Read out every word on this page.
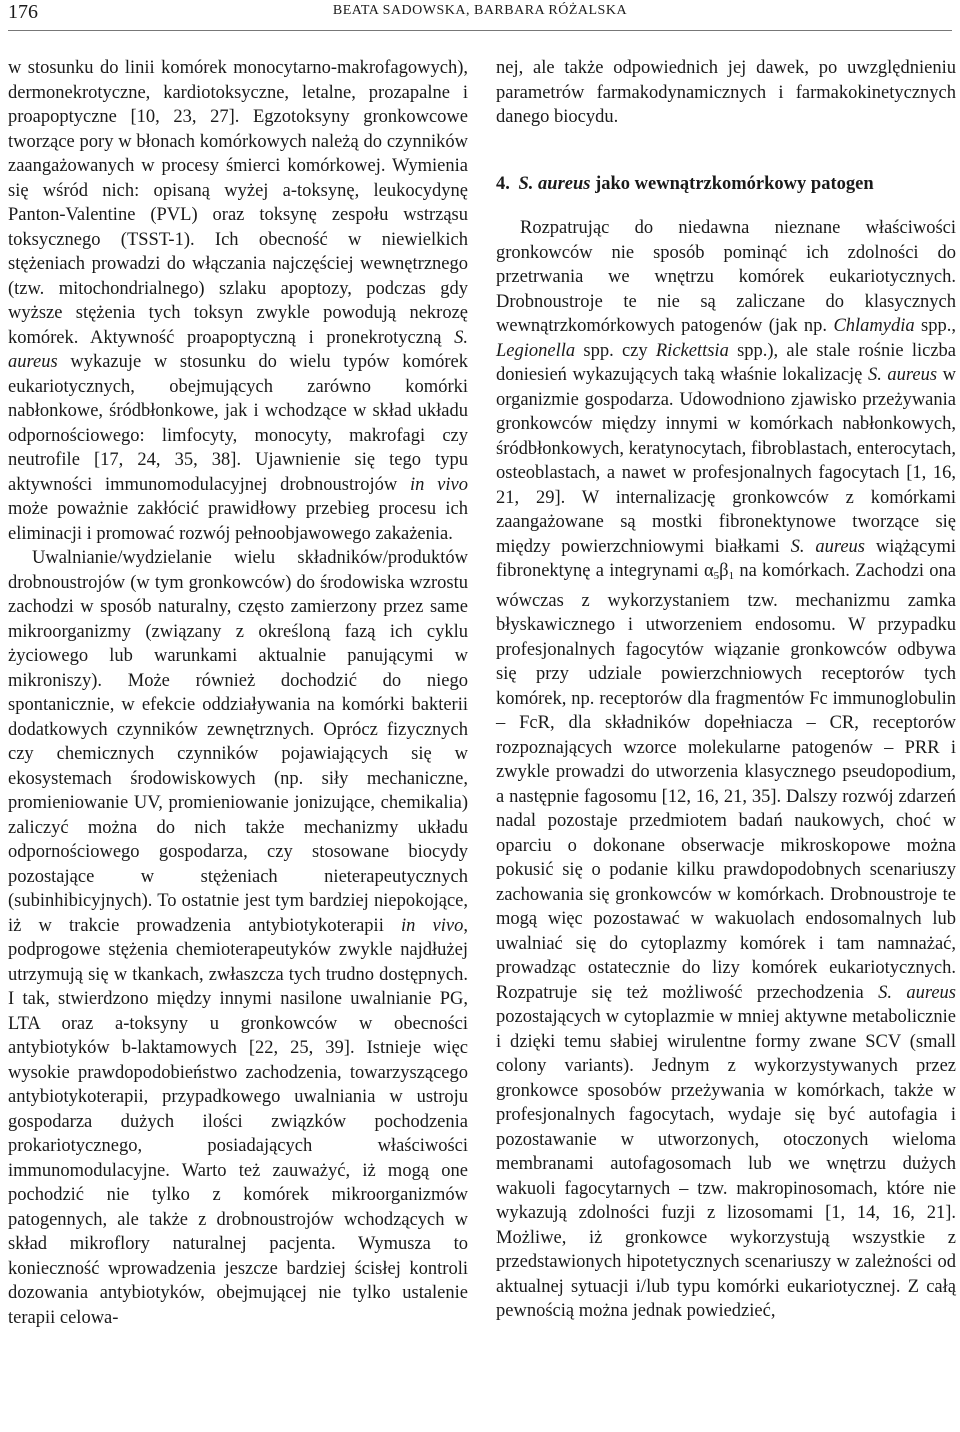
176	BEATA SADOWSKA, BARBARA RÓŻALSKA

w stosunku do linii komórek monocytarno-makrofagowych), dermonekrotyczne, kardiotoksyczne, letalne, prozapalne i proapoptyczne [10, 23, 27]. Egzotoksyny gronkowcowe tworzące pory w błonach komórkowych należą do czynników zaangażowanych w procesy śmierci komórkowej. Wymienia się wśród nich: opisaną wyżej a-toksynę, leukocydynę Panton-Valentine (PVL) oraz toksynę zespołu wstrząsu toksycznego (TSST-1). Ich obecność w niewielkich stężeniach prowadzi do włączania najczęściej wewnętrznego (tzw. mitochondrialnego) szlaku apoptozy, podczas gdy wyższe stężenia tych toksyn zwykle powodują nekrozę komórek. Aktywność proapoptyczną i pronekrotyczną S. aureus wykazuje w stosunku do wielu typów komórek eukariotycznych, obejmujących zarówno komórki nabłonkowe, śródbłonkowe, jak i wchodzące w skład układu odpornościowego: limfocyty, monocyty, makrofagi czy neutrofile [17, 24, 35, 38]. Ujawnienie się tego typu aktywności immunomodulacyjnej drobnoustrojów in vivo może poważnie zakłócić prawidłowy przebieg procesu ich eliminacji i promować rozwój pełnoobjawowego zakażenia.

Uwalnianie/wydzielanie wielu składników/produktów drobnoustrojów (w tym gronkowców) do środowiska wzrostu zachodzi w sposób naturalny, często zamierzony przez same mikroorganizmy (związany z określoną fazą ich cyklu życiowego lub warunkami aktualnie panującymi w mikroniszy). Może również dochodzić do niego spontanicznie, w efekcie oddziaływania na komórki bakterii dodatkowych czynników zewnętrznych. Oprócz fizycznych czy chemicznych czynników pojawiających się w ekosystemach środowiskowych (np. siły mechaniczne, promieniowanie UV, promieniowanie jonizujące, chemikalia) zaliczyć można do nich także mechanizmy układu odpornościowego gospodarza, czy stosowane biocydy pozostające w stężeniach nieterapeutycznych (subinhibicyjnych). To ostatnie jest tym bardziej niepokojące, iż w trakcie prowadzenia antybiotykoterapii in vivo, podprogowe stężenia chemioterapeutyków zwykle najdłużej utrzymują się w tkankach, zwłaszcza tych trudno dostępnych. I tak, stwierdzono między innymi nasilone uwalnianie PG, LTA oraz a-toksyny u gronkowców w obecności antybiotyków b-laktamowych [22, 25, 39]. Istnieje więc wysokie prawdopodobieństwo zachodzenia, towarzyszącego antybiotykoterapii, przypadkowego uwalniania w ustroju gospodarza dużych ilości związków pochodzenia prokariotycznego, posiadających właściwości immunomodulacyjne. Warto też zauważyć, iż mogą one pochodzić nie tylko z komórek mikroorganizmów patogennych, ale także z drobnoustrojów wchodzących w skład mikroflory naturalnej pacjenta. Wymusza to konieczność wprowadzenia jeszcze bardziej ścisłej kontroli dozowania antybiotyków, obejmującej nie tylko ustalenie terapii celowa-

nej, ale także odpowiednich jej dawek, po uwzględnieniu parametrów farmakodynamicznych i farmakokinetycznych danego biocydu.

4. S. aureus jako wewnątrzkomórkowy patogen

Rozpatrując do niedawna nieznane właściwości gronkowców nie sposób pominąć ich zdolności do przetrwania we wnętrzu komórek eukariotycznych. Drobnoustroje te nie są zaliczane do klasycznych wewnątrzkomórkowych patogenów (jak np. Chlamydia spp., Legionella spp. czy Rickettsia spp.), ale stale rośnie liczba doniesień wykazujących taką właśnie lokalizację S. aureus w organizmie gospodarza. Udowodniono zjawisko przeżywania gronkowców między innymi w komórkach nabłonkowych, śródbłonkowych, keratynocytach, fibroblastach, enterocytach, osteoblastach, a nawet w profesjonalnych fagocytach [1, 16, 21, 29]. W internalizację gronkowców z komórkami zaangażowane są mostki fibronektynowe tworzące się między powierzchniowymi białkami S. aureus wiążącymi fibronektynę a integrynami $\alpha_5\beta_1$ na komórkach. Zachodzi ona wówczas z wykorzystaniem tzw. mechanizmu zamka błyskawicznego i utworzeniem endosomu. W przypadku profesjonalnych fagocytów wiązanie gronkowców odbywa się przy udziale powierzchniowych receptorów tych komórek, np. receptorów dla fragmentów Fc immunoglobulin – FcR, dla składników dopełniacza – CR, receptorów rozpoznających wzorce molekularne patogenów – PRR i zwykle prowadzi do utworzenia klasycznego pseudopodium, a następnie fagosomu [12, 16, 21, 35]. Dalszy rozwój zdarzeń nadal pozostaje przedmiotem badań naukowych, choć w oparciu o dokonane obserwacje mikroskopowe można pokusić się o podanie kilku prawdopodobnych scenariuszy zachowania się gronkowców w komórkach. Drobnoustroje te mogą więc pozostawać w wakuolach endosomalnych lub uwalniać się do cytoplazmy komórek i tam namnażać, prowadząc ostatecznie do lizy komórek eukariotycznych. Rozpatruje się też możliwość przechodzenia S. aureus pozostających w cytoplazmie w mniej aktywne metabolicznie i dzięki temu słabiej wirulentne formy zwane SCV (small colony variants). Jednym z wykorzystywanych przez gronkowce sposobów przeżywania w komórkach, także w profesjonalnych fagocytach, wydaje się być autofagia i pozostawanie w utworzonych, otoczonych wieloma membranami autofagosomach lub we wnętrzu dużych wakuoli fagocytarnych – tzw. makropinosomach, które nie wykazują zdolności fuzji z lizosomami [1, 14, 16, 21]. Możliwe, iż gronkowce wykorzystują wszystkie z przedstawionych hipotetycznych scenariuszy w zależności od aktualnej sytuacji i/lub typu komórki eukariotycznej. Z całą pewnością można jednak powiedzieć,
